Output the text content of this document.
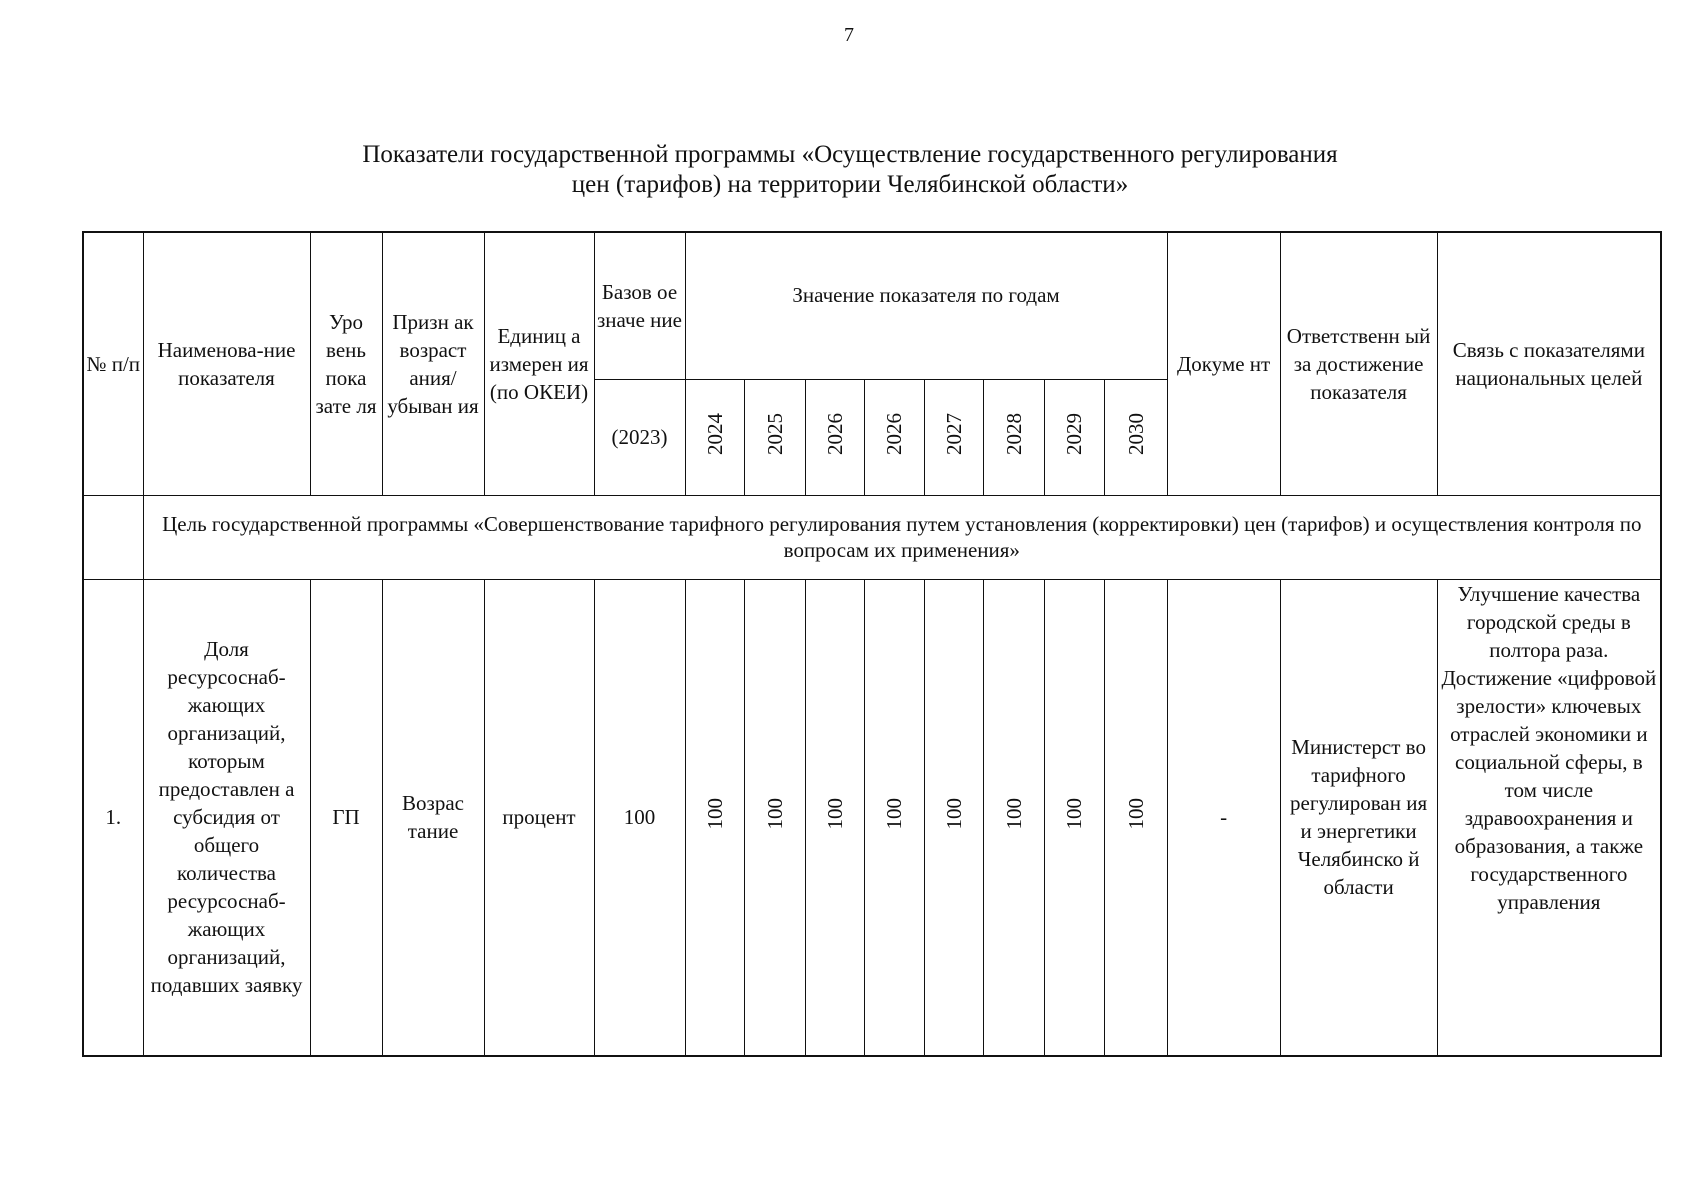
7
Показатели государственной программы «Осуществление государственного регулирования
цен (тарифов) на территории Челябинской области»
№ п/п	Наименова-ние показателя	Уро вень пока зате ля	Призн ак возраст ания/ убыван ия	Единиц а измерен ия (по ОКЕИ)	Базов ое значе ние	Значение показателя по годам								Докуме нт	Ответственн ый за достижение показателя	Связь с показателями национальных целей
					(2023)	2024	2025	2026	2026	2027	2028	2029	2030			
	Цель государственной программы «Совершенствование тарифного регулирования путем установления (корректировки) цен (тарифов) и осуществления контроля по вопросам их применения»															
1.	Доля ресурсоснаб-жающих организаций, которым предоставлен а субсидия от общего количества ресурсоснаб-жающих организаций, подавших заявку	ГП	Возрас тание	процент	100	100	100	100	100	100	100	100	100	-	Министерст во тарифного регулирован ия и энергетики Челябинско й области	Улучшение качества городской среды в полтора раза. Достижение «цифровой зрелости» ключевых отраслей экономики и социальной сферы, в том числе здравоохранения и образования, а также государственного управления
